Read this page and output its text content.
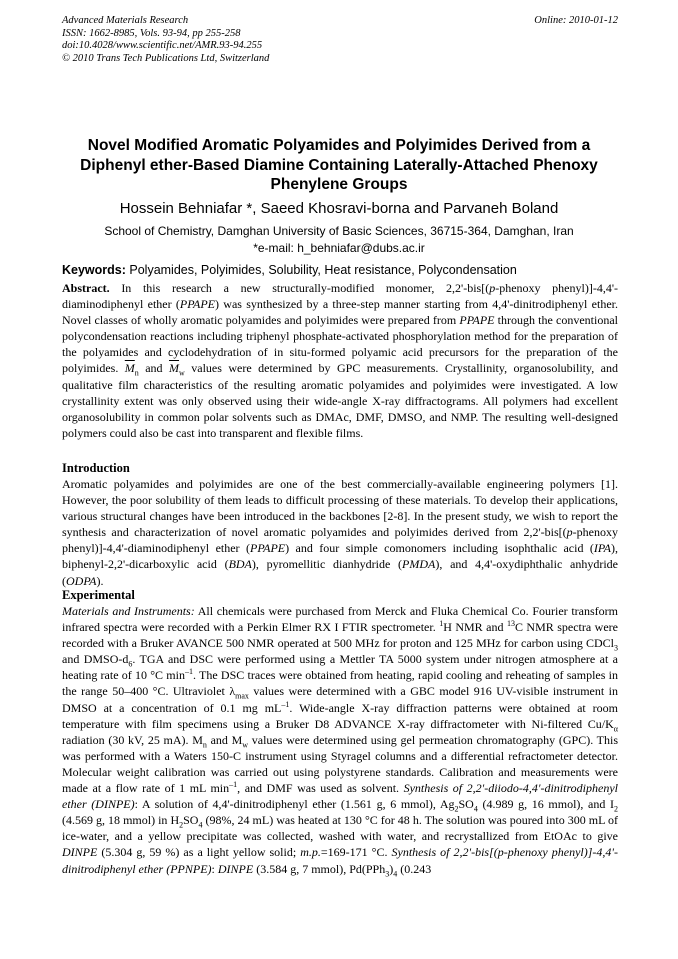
Advanced Materials Research
ISSN: 1662-8985, Vols. 93-94, pp 255-258
doi:10.4028/www.scientific.net/AMR.93-94.255
© 2010 Trans Tech Publications Ltd, Switzerland
Online: 2010-01-12
Novel Modified Aromatic Polyamides and Polyimides Derived from a
Diphenyl ether-Based Diamine Containing Laterally-Attached Phenoxy
Phenylene Groups
Hossein Behniafar *, Saeed Khosravi-borna and Parvaneh Boland
School of Chemistry, Damghan University of Basic Sciences, 36715-364, Damghan, Iran
*e-mail: h_behniafar@dubs.ac.ir
Keywords: Polyamides, Polyimides, Solubility, Heat resistance, Polycondensation

Abstract. In this research a new structurally-modified monomer, 2,2'-bis[(p-phenoxy phenyl)]-4,4'-diaminodiphenyl ether (PPAPE) was synthesized by a three-step manner starting from 4,4'-dinitrodiphenyl ether. Novel classes of wholly aromatic polyamides and polyimides were prepared from PPAPE through the conventional polycondensation reactions including triphenyl phosphate-activated phosphorylation method for the preparation of the polyamides and cyclodehydration of in situ-formed polyamic acid precursors for the preparation of the polyimides. $\overline{M}_n$ and $\overline{M}_w$ values were determined by GPC measurements. Crystallinity, organosolubility, and qualitative film characteristics of the resulting aromatic polyamides and polyimides were investigated. A low crystallinity extent was only observed using their wide-angle X-ray diffractograms. All polymers had excellent organosolubility in common polar solvents such as DMAc, DMF, DMSO, and NMP. The resulting well-designed polymers could also be cast into transparent and flexible films.

Introduction

Aromatic polyamides and polyimides are one of the best commercially-available engineering polymers [1]. However, the poor solubility of them leads to difficult processing of these materials. To develop their applications, various structural changes have been introduced in the backbones [2-8]. In the present study, we wish to report the synthesis and characterization of novel aromatic polyamides and polyimides derived from 2,2'-bis[(p-phenoxy phenyl)]-4,4'-diaminodiphenyl ether (PPAPE) and four simple comonomers including isophthalic acid (IPA), biphenyl-2,2'-dicarboxylic acid (BDA), pyromellitic dianhydride (PMDA), and 4,4'-oxydiphthalic anhydride (ODPA).

Experimental

Materials and Instruments: All chemicals were purchased from Merck and Fluka Chemical Co. Fourier transform infrared spectra were recorded with a Perkin Elmer RX I FTIR spectrometer. $^1$H NMR and $^{13}$C NMR spectra were recorded with a Bruker AVANCE 500 NMR operated at 500 MHz for proton and 125 MHz for carbon using CDCl$_3$ and DMSO-$d_6$. TGA and DSC were performed using a Mettler TA 5000 system under nitrogen atmosphere at a heating rate of 10 °C $\min^{-1}$. The DSC traces were obtained from heating, rapid cooling and reheating of samples in the range 50–400 °C. Ultraviolet $\lambda_{max}$ values were determined with a GBC model 916 UV-visible instrument in DMSO at a concentration of 0.1 mg $mL^{-1}$. Wide-angle X-ray diffraction patterns were obtained at room temperature with film specimens using a Bruker D8 ADVANCE X-ray diffractometer with Ni-filtered $Cu/K_\alpha$ radiation (30 kV, 25 mA). $M_n$ and $M_w$ values were determined using gel permeation chromatography (GPC). This was performed with a Waters 150-C instrument using Styragel columns and a differential refractometer detector. Molecular weight calibration was carried out using polystyrene standards. Calibration and measurements were made at a flow rate of 1 mL $\min^{-1}$, and DMF was used as solvent. Synthesis of 2,2'-diiodo-4,4'-dinitrodiphenyl ether (DINPE): A solution of 4,4'-dinitrodiphenyl ether (1.561 g, 6 mmol), $Ag_2SO_4$ (4.989 g, 16 mmol), and $I_2$ (4.569 g, 18 mmol) in $H_2SO_4$ (98%, 24 mL) was heated at 130 °C for 48 h. The solution was poured into 300 mL of ice-water, and a yellow precipitate was collected, washed with water, and recrystallized from EtOAc to give DINPE (5.304 g, 59 %) as a light yellow solid; m.p.=169-171 °C. Synthesis of 2,2'-bis[(p-phenoxy phenyl)]-4,4'-dinitrodiphenyl ether (PPNPE): DINPE (3.584 g, 7 mmol), $Pd(PPh_3)_4$ (0.243
